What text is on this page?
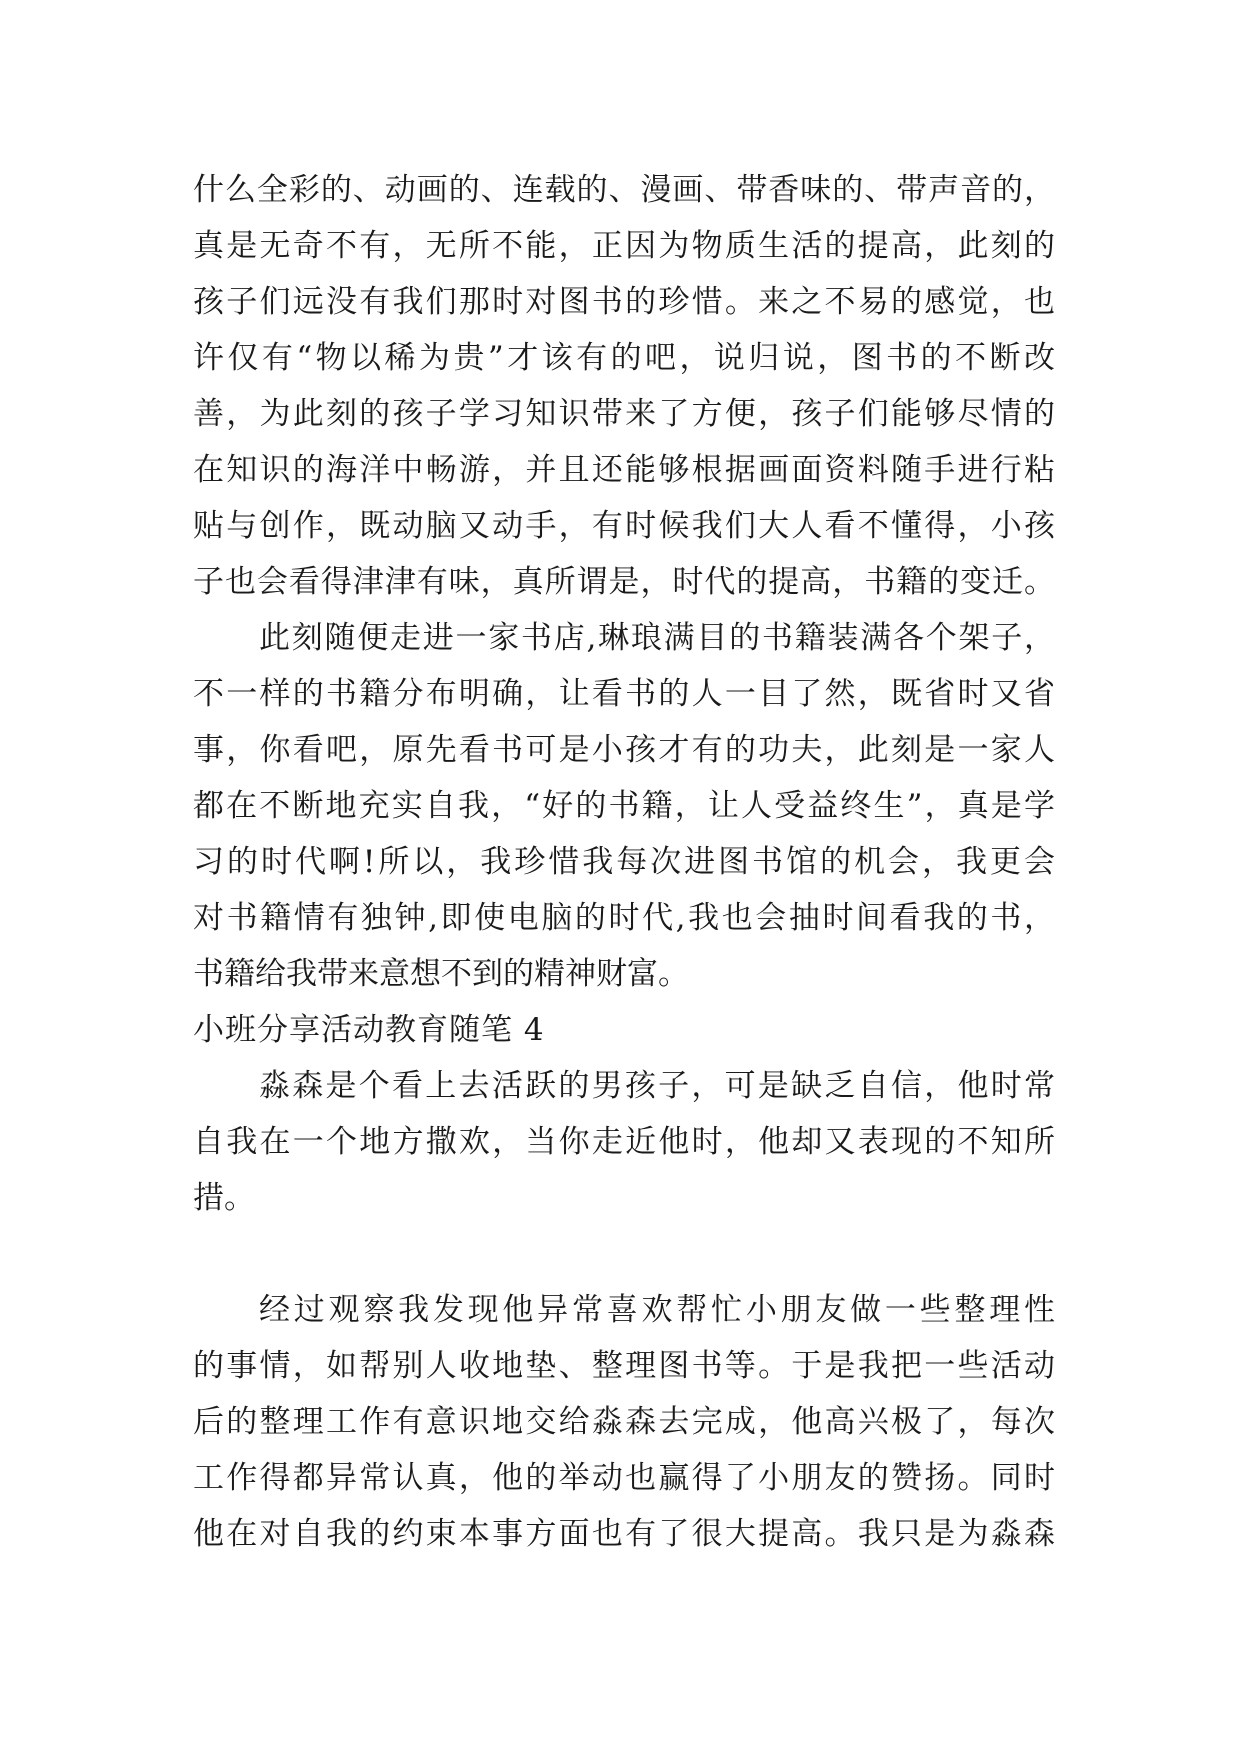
什么全彩的、动画的、连载的、漫画、带香味的、带声音的，
真是无奇不有，无所不能，正因为物质生活的提高，此刻的
孩子们远没有我们那时对图书的珍惜。来之不易的感觉，也
许仅有“物以稀为贵”才该有的吧，说归说，图书的不断改
善，为此刻的孩子学习知识带来了方便，孩子们能够尽情的
在知识的海洋中畅游，并且还能够根据画面资料随手进行粘
贴与创作，既动脑又动手，有时候我们大人看不懂得，小孩
子也会看得津津有味，真所谓是，时代的提高，书籍的变迁。
此刻随便走进一家书店,琳琅满目的书籍装满各个架子，
不一样的书籍分布明确，让看书的人一目了然，既省时又省
事，你看吧，原先看书可是小孩才有的功夫，此刻是一家人
都在不断地充实自我，“好的书籍，让人受益终生”，真是学
习的时代啊!所以，我珍惜我每次进图书馆的机会，我更会
对书籍情有独钟,即使电脑的时代,我也会抽时间看我的书，
书籍给我带来意想不到的精神财富。
小班分享活动教育随笔 4
淼森是个看上去活跃的男孩子，可是缺乏自信，他时常
自我在一个地方撒欢，当你走近他时，他却又表现的不知所
措。
经过观察我发现他异常喜欢帮忙小朋友做一些整理性
的事情，如帮别人收地垫、整理图书等。于是我把一些活动
后的整理工作有意识地交给淼森去完成，他高兴极了，每次
工作得都异常认真，他的举动也赢得了小朋友的赞扬。同时
他在对自我的约束本事方面也有了很大提高。我只是为淼森
